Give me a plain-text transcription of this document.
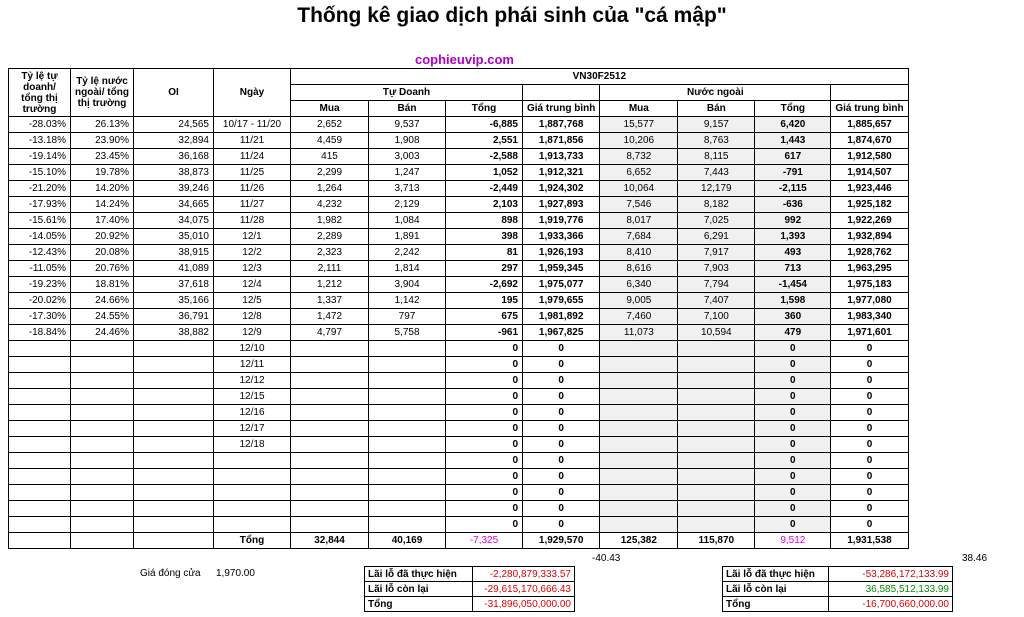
Thống kê giao dịch phái sinh của "cá mập"
cophieuvip.com
Tỷ lệ tự doanh/ tổng thị trường	Tỷ lệ nước ngoài/ tổng thị trường	OI	Ngày	VN30F2512							
				Tự Doanh				Nước ngoài			
				Mua	Bán	Tổng	Giá trung bình	Mua	Bán	Tổng	Giá trung bình
-28.03%	26.13%	24,565	10/17 - 11/20	2,652	9,537	-6,885	1,887,768	15,577	9,157	6,420	1,885,657
-13.18%	23.90%	32,894	11/21	4,459	1,908	2,551	1,871,856	10,206	8,763	1,443	1,874,670
-19.14%	23.45%	36,168	11/24	415	3,003	-2,588	1,913,733	8,732	8,115	617	1,912,580
-15.10%	19.78%	38,873	11/25	2,299	1,247	1,052	1,912,321	6,652	7,443	-791	1,914,507
-21.20%	14.20%	39,246	11/26	1,264	3,713	-2,449	1,924,302	10,064	12,179	-2,115	1,923,446
-17.93%	14.24%	34,665	11/27	4,232	2,129	2,103	1,927,893	7,546	8,182	-636	1,925,182
-15.61%	17.40%	34,075	11/28	1,982	1,084	898	1,919,776	8,017	7,025	992	1,922,269
-14.05%	20.92%	35,010	12/1	2,289	1,891	398	1,933,366	7,684	6,291	1,393	1,932,894
-12.43%	20.08%	38,915	12/2	2,323	2,242	81	1,926,193	8,410	7,917	493	1,928,762
-11.05%	20.76%	41,089	12/3	2,111	1,814	297	1,959,345	8,616	7,903	713	1,963,295
-19.23%	18.81%	37,618	12/4	1,212	3,904	-2,692	1,975,077	6,340	7,794	-1,454	1,975,183
-20.02%	24.66%	35,166	12/5	1,337	1,142	195	1,979,655	9,005	7,407	1,598	1,977,080
-17.30%	24.55%	36,791	12/8	1,472	797	675	1,981,892	7,460	7,100	360	1,983,340
-18.84%	24.46%	38,882	12/9	4,797	5,758	-961	1,967,825	11,073	10,594	479	1,971,601
			12/10			0	0			0	0
			12/11			0	0			0	0
			12/12			0	0			0	0
			12/15			0	0			0	0
			12/16			0	0			0	0
			12/17			0	0			0	0
			12/18			0	0			0	0
						0	0			0	0
						0	0			0	0
						0	0			0	0
						0	0			0	0
						0	0			0	0
			Tổng	32,844	40,169	-7,325	1,929,570	125,382	115,870	9,512	1,931,538
-40.43	38.46
Giá đóng cửa 1,970.00	Lãi lỗ đã thực hiện	-2,280,879,333.57
Lãi lỗ còn lại	-29,615,170,666.43
Tổng	-31,896,050,000.00
Lãi lỗ đã thực hiện	-53,286,172,133.99
Lãi lỗ còn lại	36,585,512,133.99
Tổng	-16,700,660,000.00
